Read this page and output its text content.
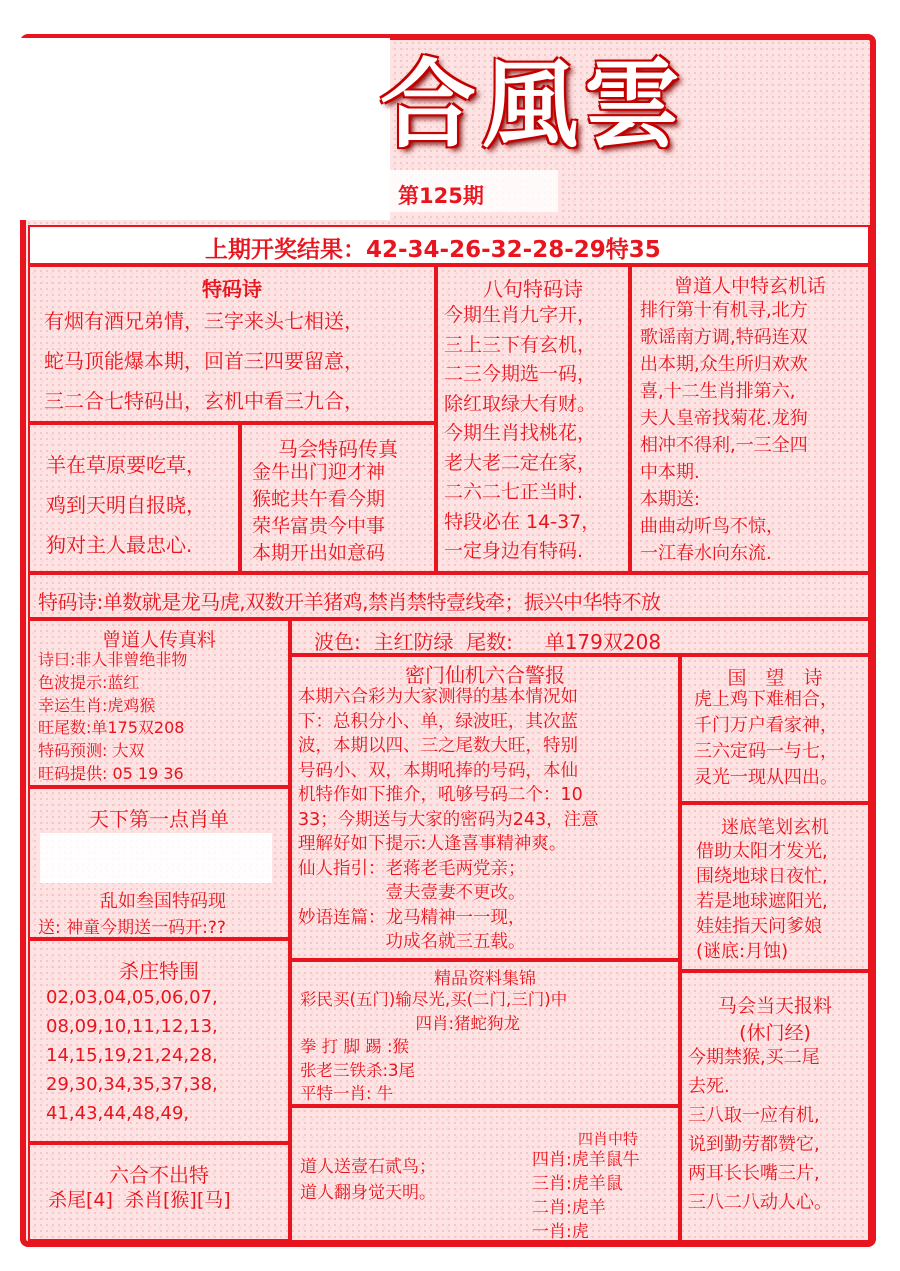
合風雲
第125期
上期开奖结果：42-34-26-32-28-29特35
特码诗
有烟有酒兄弟情，三字来头七相送，
蛇马顶能爆本期，回首三四要留意，
三二合七特码出，玄机中看三九合，
羊在草原要吃草，
鸡到天明自报晓，
狗对主人最忠心.
马会特码传真
金牛出门迎才神
猴蛇共午看今期
荣华富贵今中事
本期开出如意码
八句特码诗
今期生肖九字开，
三上三下有玄机，
二三今期选一码，
除红取绿大有财。
今期生肖找桃花，
老大老二定在家，
二六二七正当时.
特段必在 14-37，
一定身边有特码.
曾道人中特玄机话
排行第十有机寻,北方
歌谣南方调,特码连双
出本期,众生所归欢欢
喜,十二生肖排第六,
夫人皇帝找菊花.龙狗
相冲不得利,一三全四
中本期.
本期送:
曲曲动听鸟不惊，
一江春水向东流.
特码诗:单数就是龙马虎,双数开羊猪鸡,禁肖禁特壹线牵；振兴中华特不放
曾道人传真料
诗曰:非人非曾绝非物
色波提示:蓝红
幸运生肖:虎鸡猴
旺尾数:单175双208
特码预测: 大双
旺码提供: 05 19 36
波色:  主红防绿  尾数:     单179双208
密门仙机六合警报
本期六合彩为大家测得的基本情况如
下：总积分小、单，绿波旺，其次蓝
波，本期以四、三之尾数大旺，特别
号码小、双，本期吼捧的号码，本仙
机特作如下推介，吼够号码二个：10
33；今期送与大家的密码为243，注意
理解好如下提示:人逢喜事精神爽。
仙人指引：老蒋老毛两党亲；
　　　　　壹夫壹妻不更改。
妙语连篇：龙马精神一一现，
　　　　　功成名就三五载。
国　望　诗
虎上鸡下难相合，
千门万户看家神，
三六定码一与七，
灵光一现从四出。
迷底笔划玄机
借助太阳才发光,
围绕地球日夜忙,
若是地球遮阳光,
娃娃指天问爹娘
(谜底:月蚀)
天下第一点肖单
乱如叁国特码现
送: 神童今期送一码开:??
杀庄特围
02,03,04,05,06,07,
08,09,10,11,12,13,
14,15,19,21,24,28,
29,30,34,35,37,38,
41,43,44,48,49,
六合不出特
杀尾[4]  杀肖[猴][马]
精品资料集锦
彩民买(五门)输尽光,买(二门,三门)中
　　　　　　　四肖:猪蛇狗龙
拳 打 脚 踢 :猴
张老三铁杀:3尾
平特一肖: 牛
道人送壹石贰鸟；
道人翻身觉天明。
四肖中特
四肖:虎羊鼠牛
三肖:虎羊鼠
二肖:虎羊
一肖:虎
马会当天报料
(休门经)
今期禁猴,买二尾
去死.
三八取一应有机,
说到勤劳都赞它,
两耳长长嘴三片,
三八二八动人心。
